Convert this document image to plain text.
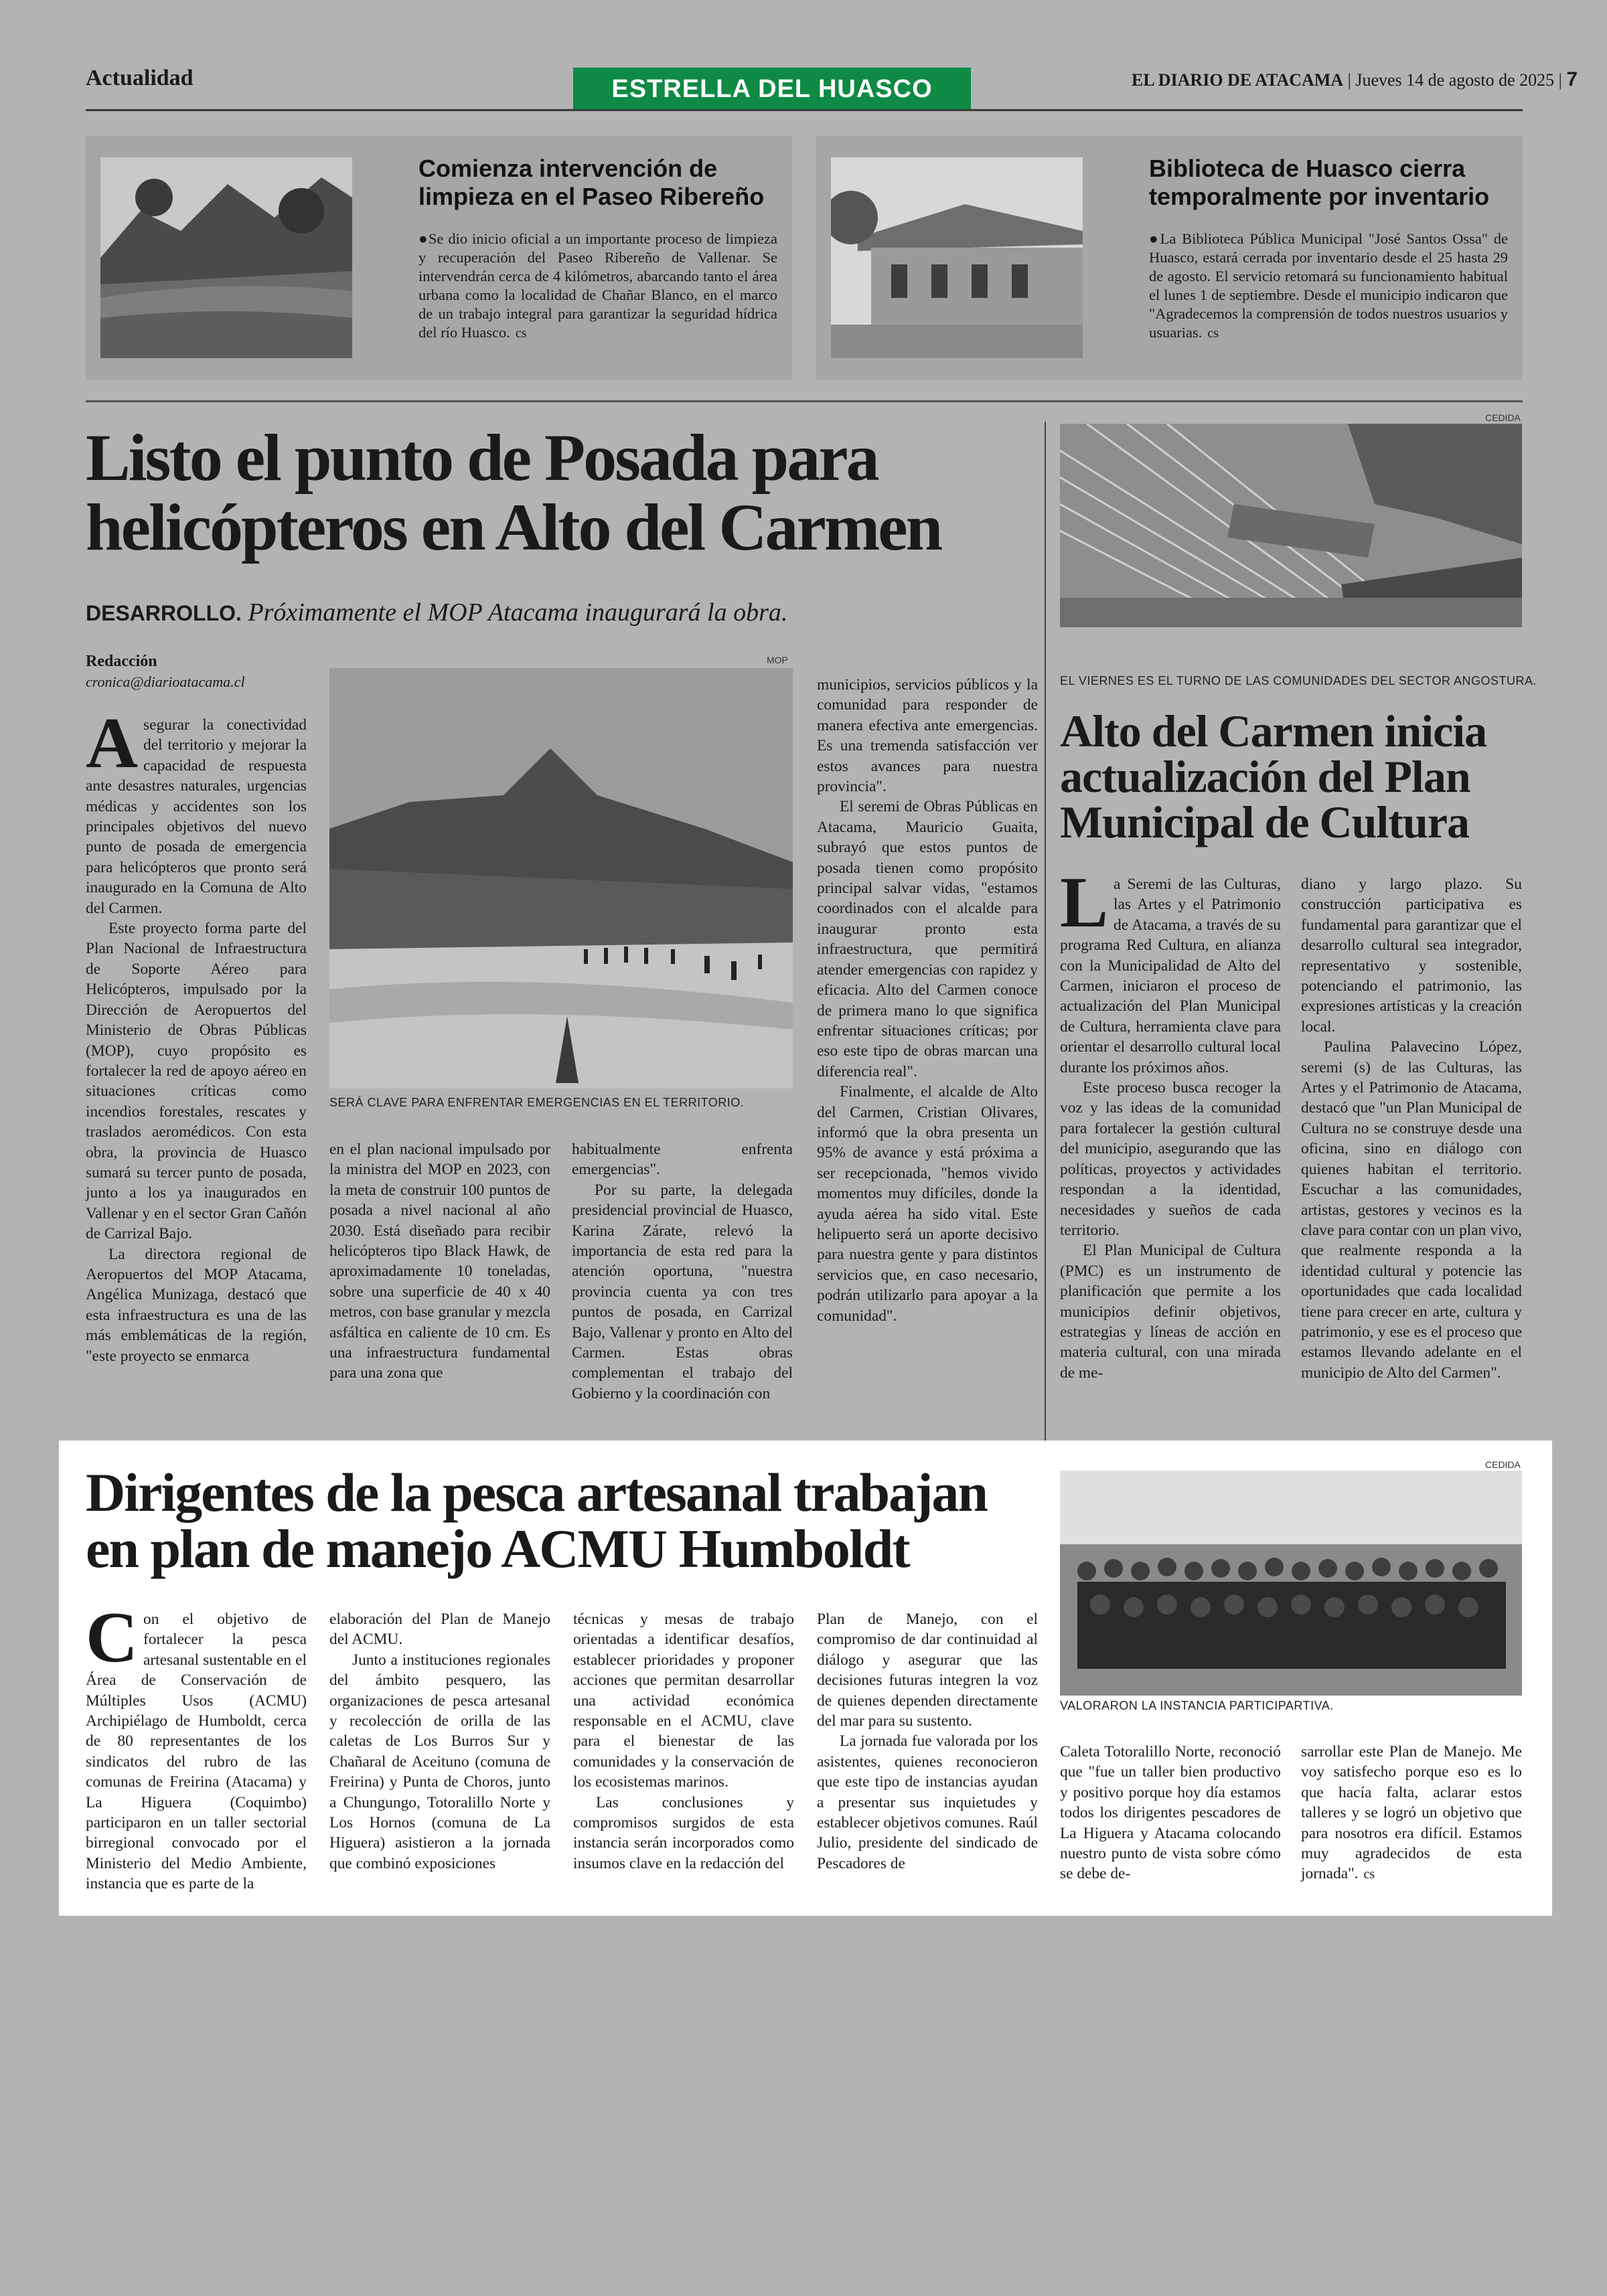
Actualidad	ESTRELLA DEL HUASCO	EL DIARIO DE ATACAMA | Jueves 14 de agosto de 2025 | 7
Comienza intervención de limpieza en el Paseo Ribereño
●Se dio inicio oficial a un importante proceso de limpieza y recuperación del Paseo Ribereño de Vallenar. Se intervendrán cerca de 4 kilómetros, abarcando tanto el área urbana como la localidad de Chañar Blanco, en el marco de un trabajo integral para garantizar la seguridad hídrica del río Huasco. cs
Biblioteca de Huasco cierra temporalmente por inventario
●La Biblioteca Pública Municipal "José Santos Ossa" de Huasco, estará cerrada por inventario desde el 25 hasta 29 de agosto. El servicio retomará su funcionamiento habitual el lunes 1 de septiembre. Desde el municipio indicaron que "Agradecemos la comprensión de todos nuestros usuarios y usuarias. cs
Listo el punto de Posada para helicópteros en Alto del Carmen
DESARROLLO. Próximamente el MOP Atacama inaugurará la obra.
Redacción
cronica@diarioatacama.cl

Asegurar la conectividad del territorio y mejorar la capacidad de respuesta ante desastres naturales, urgencias médicas y accidentes son los principales objetivos del nuevo punto de posada de emergencia para helicópteros que pronto será inaugurado en la Comuna de Alto del Carmen.

Este proyecto forma parte del Plan Nacional de Infraestructura de Soporte Aéreo para Helicópteros, impulsado por la Dirección de Aeropuertos del Ministerio de Obras Públicas (MOP), cuyo propósito es fortalecer la red de apoyo aéreo en situaciones críticas como incendios forestales, rescates y traslados aeromédicos. Con esta obra, la provincia de Huasco sumará su tercer punto de posada, junto a los ya inaugurados en Vallenar y en el sector Gran Cañón de Carrizal Bajo.

La directora regional de Aeropuertos del MOP Atacama, Angélica Munizaga, destacó que esta infraestructura es una de las más emblemáticas de la región, "este proyecto se enmarca

MOP
SERÁ CLAVE PARA ENFRENTAR EMERGENCIAS EN EL TERRITORIO.

en el plan nacional impulsado por la ministra del MOP en 2023, con la meta de construir 100 puntos de posada a nivel nacional al año 2030. Está diseñado para recibir helicópteros tipo Black Hawk, de aproximadamente 10 toneladas, sobre una superficie de 40 x 40 metros, con base granular y mezcla asfáltica en caliente de 10 cm. Es una infraestructura fundamental para una zona que

habitualmente enfrenta emergencias".

Por su parte, la delegada presidencial provincial de Huasco, Karina Zárate, relevó la importancia de esta red para la atención oportuna, "nuestra provincia cuenta ya con tres puntos de posada, en Carrizal Bajo, Vallenar y pronto en Alto del Carmen. Estas obras complementan el trabajo del Gobierno y la coordinación con

municipios, servicios públicos y la comunidad para responder de manera efectiva ante emergencias. Es una tremenda satisfacción ver estos avances para nuestra provincia".

El seremi de Obras Públicas en Atacama, Mauricio Guaita, subrayó que estos puntos de posada tienen como propósito principal salvar vidas, "estamos coordinados con el alcalde para inaugurar pronto esta infraestructura, que permitirá atender emergencias con rapidez y eficacia. Alto del Carmen conoce de primera mano lo que significa enfrentar situaciones críticas; por eso este tipo de obras marcan una diferencia real".

Finalmente, el alcalde de Alto del Carmen, Cristian Olivares, informó que la obra presenta un 95% de avance y está próxima a ser recepcionada, "hemos vivido momentos muy difíciles, donde la ayuda aérea ha sido vital. Este helipuerto será un aporte decisivo para nuestra gente y para distintos servicios que, en caso necesario, podrán utilizarlo para apoyar a la comunidad".

CEDIDA
EL VIERNES ES EL TURNO DE LAS COMUNIDADES DEL SECTOR ANGOSTURA.
Alto del Carmen inicia actualización del Plan Municipal de Cultura

La Seremi de las Culturas, las Artes y el Patrimonio de Atacama, a través de su programa Red Cultura, en alianza con la Municipalidad de Alto del Carmen, iniciaron el proceso de actualización del Plan Municipal de Cultura, herramienta clave para orientar el desarrollo cultural local durante los próximos años.

Este proceso busca recoger la voz y las ideas de la comunidad para fortalecer la gestión cultural del municipio, asegurando que las políticas, proyectos y actividades respondan a la identidad, necesidades y sueños de cada territorio.

El Plan Municipal de Cultura (PMC) es un instrumento de planificación que permite a los municipios definir objetivos, estrategias y líneas de acción en materia cultural, con una mirada de me-

diano y largo plazo. Su construcción participativa es fundamental para garantizar que el desarrollo cultural sea integrador, representativo y sostenible, potenciando el patrimonio, las expresiones artísticas y la creación local.

Paulina Palavecino López, seremi (s) de las Culturas, las Artes y el Patrimonio de Atacama, destacó que "un Plan Municipal de Cultura no se construye desde una oficina, sino en diálogo con quienes habitan el territorio. Escuchar a las comunidades, artistas, gestores y vecinos es la clave para contar con un plan vivo, que realmente responda a la identidad cultural y potencie las oportunidades que cada localidad tiene para crecer en arte, cultura y patrimonio, y ese es el proceso que estamos llevando adelante en el municipio de Alto del Carmen".

Dirigentes de la pesca artesanal trabajan en plan de manejo ACMU Humboldt
CEDIDA
VALORARON LA INSTANCIA PARTICIPARTIVA.

Con el objetivo de fortalecer la pesca artesanal sustentable en el Área de Conservación de Múltiples Usos (ACMU) Archipiélago de Humboldt, cerca de 80 representantes de los sindicatos del rubro de las comunas de Freirina (Atacama) y La Higuera (Coquimbo) participaron en un taller sectorial birregional convocado por el Ministerio del Medio Ambiente, instancia que es parte de la

elaboración del Plan de Manejo del ACMU.

Junto a instituciones regionales del ámbito pesquero, las organizaciones de pesca artesanal y recolección de orilla de las caletas de Los Burros Sur y Chañaral de Aceituno (comuna de Freirina) y Punta de Choros, junto a Chungungo, Totoralillo Norte y Los Hornos (comuna de La Higuera) asistieron a la jornada que combinó exposiciones

técnicas y mesas de trabajo orientadas a identificar desafíos, establecer prioridades y proponer acciones que permitan desarrollar una actividad económica responsable en el ACMU, clave para el bienestar de las comunidades y la conservación de los ecosistemas marinos.

Las conclusiones y compromisos surgidos de esta instancia serán incorporados como insumos clave en la redacción del

Plan de Manejo, con el compromiso de dar continuidad al diálogo y asegurar que las decisiones futuras integren la voz de quienes dependen directamente del mar para su sustento.

La jornada fue valorada por los asistentes, quienes reconocieron que este tipo de instancias ayudan a presentar sus inquietudes y establecer objetivos comunes. Raúl Julio, presidente del sindicado de Pescadores de

Caleta Totoralillo Norte, reconoció que "fue un taller bien productivo y positivo porque hoy día estamos todos los dirigentes pescadores de La Higuera y Atacama colocando nuestro punto de vista sobre cómo se debe de-

sarrollar este Plan de Manejo. Me voy satisfecho porque eso es lo que hacía falta, aclarar estos talleres y se logró un objetivo que para nosotros era difícil. Estamos muy agradecidos de esta jornada". cs
